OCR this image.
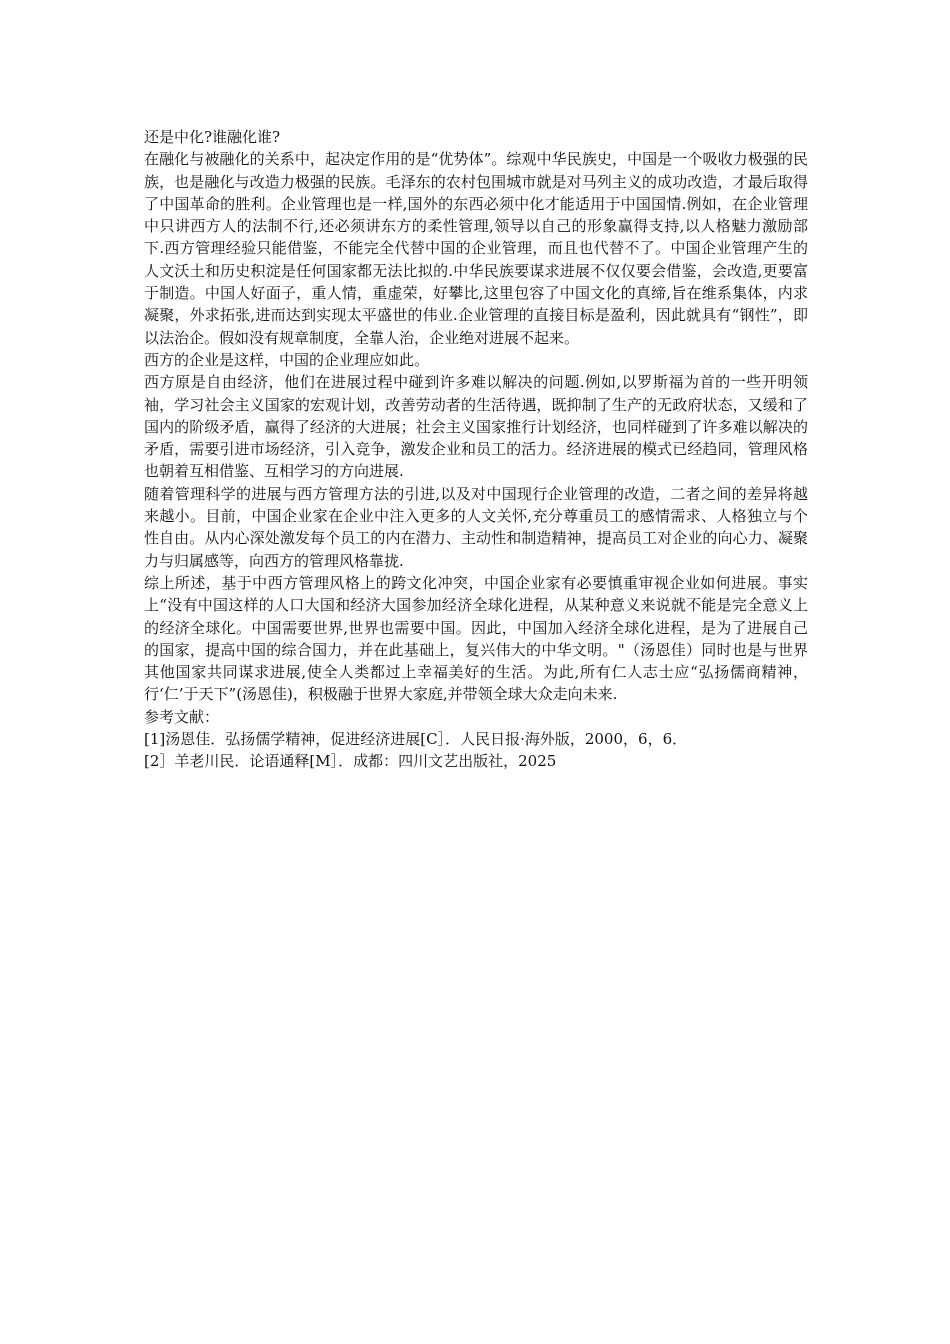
还是中化?谁融化谁?

在融化与被融化的关系中，起决定作用的是“优势体”。综观中华民族史，中国是一个吸收力极强的民族，也是融化与改造力极强的民族。毛泽东的农村包围城市就是对马列主义的成功改造，才最后取得了中国革命的胜利。企业管理也是一样,国外的东西必须中化才能适用于中国国情.例如，在企业管理中只讲西方人的法制不行,还必须讲东方的柔性管理,领导以自己的形象赢得支持,以人格魅力激励部下.西方管理经验只能借鉴，不能完全代替中国的企业管理，而且也代替不了。中国企业管理产生的人文沃土和历史积淀是任何国家都无法比拟的.中华民族要谋求进展不仅仅要会借鉴，会改造,更要富于制造。中国人好面子，重人情，重虚荣，好攀比,这里包容了中国文化的真缔,旨在维系集体，内求凝聚，外求拓张,进而达到实现太平盛世的伟业.企业管理的直接目标是盈利，因此就具有“钢性”，即以法治企。假如没有规章制度，全靠人治，企业绝对进展不起来。

西方的企业是这样，中国的企业理应如此。

西方原是自由经济，他们在进展过程中碰到许多难以解决的问题.例如,以罗斯福为首的一些开明领袖，学习社会主义国家的宏观计划，改善劳动者的生活待遇，既抑制了生产的无政府状态，又缓和了国内的阶级矛盾，赢得了经济的大进展；社会主义国家推行计划经济，也同样碰到了许多难以解决的矛盾，需要引进市场经济，引入竞争，激发企业和员工的活力。经济进展的模式已经趋同，管理风格也朝着互相借鉴、互相学习的方向进展.

随着管理科学的进展与西方管理方法的引进,以及对中国现行企业管理的改造，二者之间的差异将越来越小。目前，中国企业家在企业中注入更多的人文关怀,充分尊重员工的感情需求、人格独立与个性自由。从内心深处激发每个员工的内在潜力、主动性和制造精神，提高员工对企业的向心力、凝聚力与归属感等，向西方的管理风格靠拢.

综上所述，基于中西方管理风格上的跨文化冲突，中国企业家有必要慎重审视企业如何进展。事实上“没有中国这样的人口大国和经济大国参加经济全球化进程，从某种意义来说就不能是完全意义上的经济全球化。中国需要世界,世界也需要中国。因此，中国加入经济全球化进程，是为了进展自己的国家，提高中国的综合国力，并在此基础上，复兴伟大的中华文明。"（汤恩佳）同时也是与世界其他国家共同谋求进展,使全人类都过上幸福美好的生活。为此,所有仁人志士应“弘扬儒商精神，行‘仁’于天下”(汤恩佳)，积极融于世界大家庭,并带领全球大众走向未来.

参考文献：

[1]汤恩佳．弘扬儒学精神，促进经济进展[C］．人民日报·海外版，2000，6，6．

[2］羊老川民．论语通释[M］．成都：四川文艺出版社，2025
